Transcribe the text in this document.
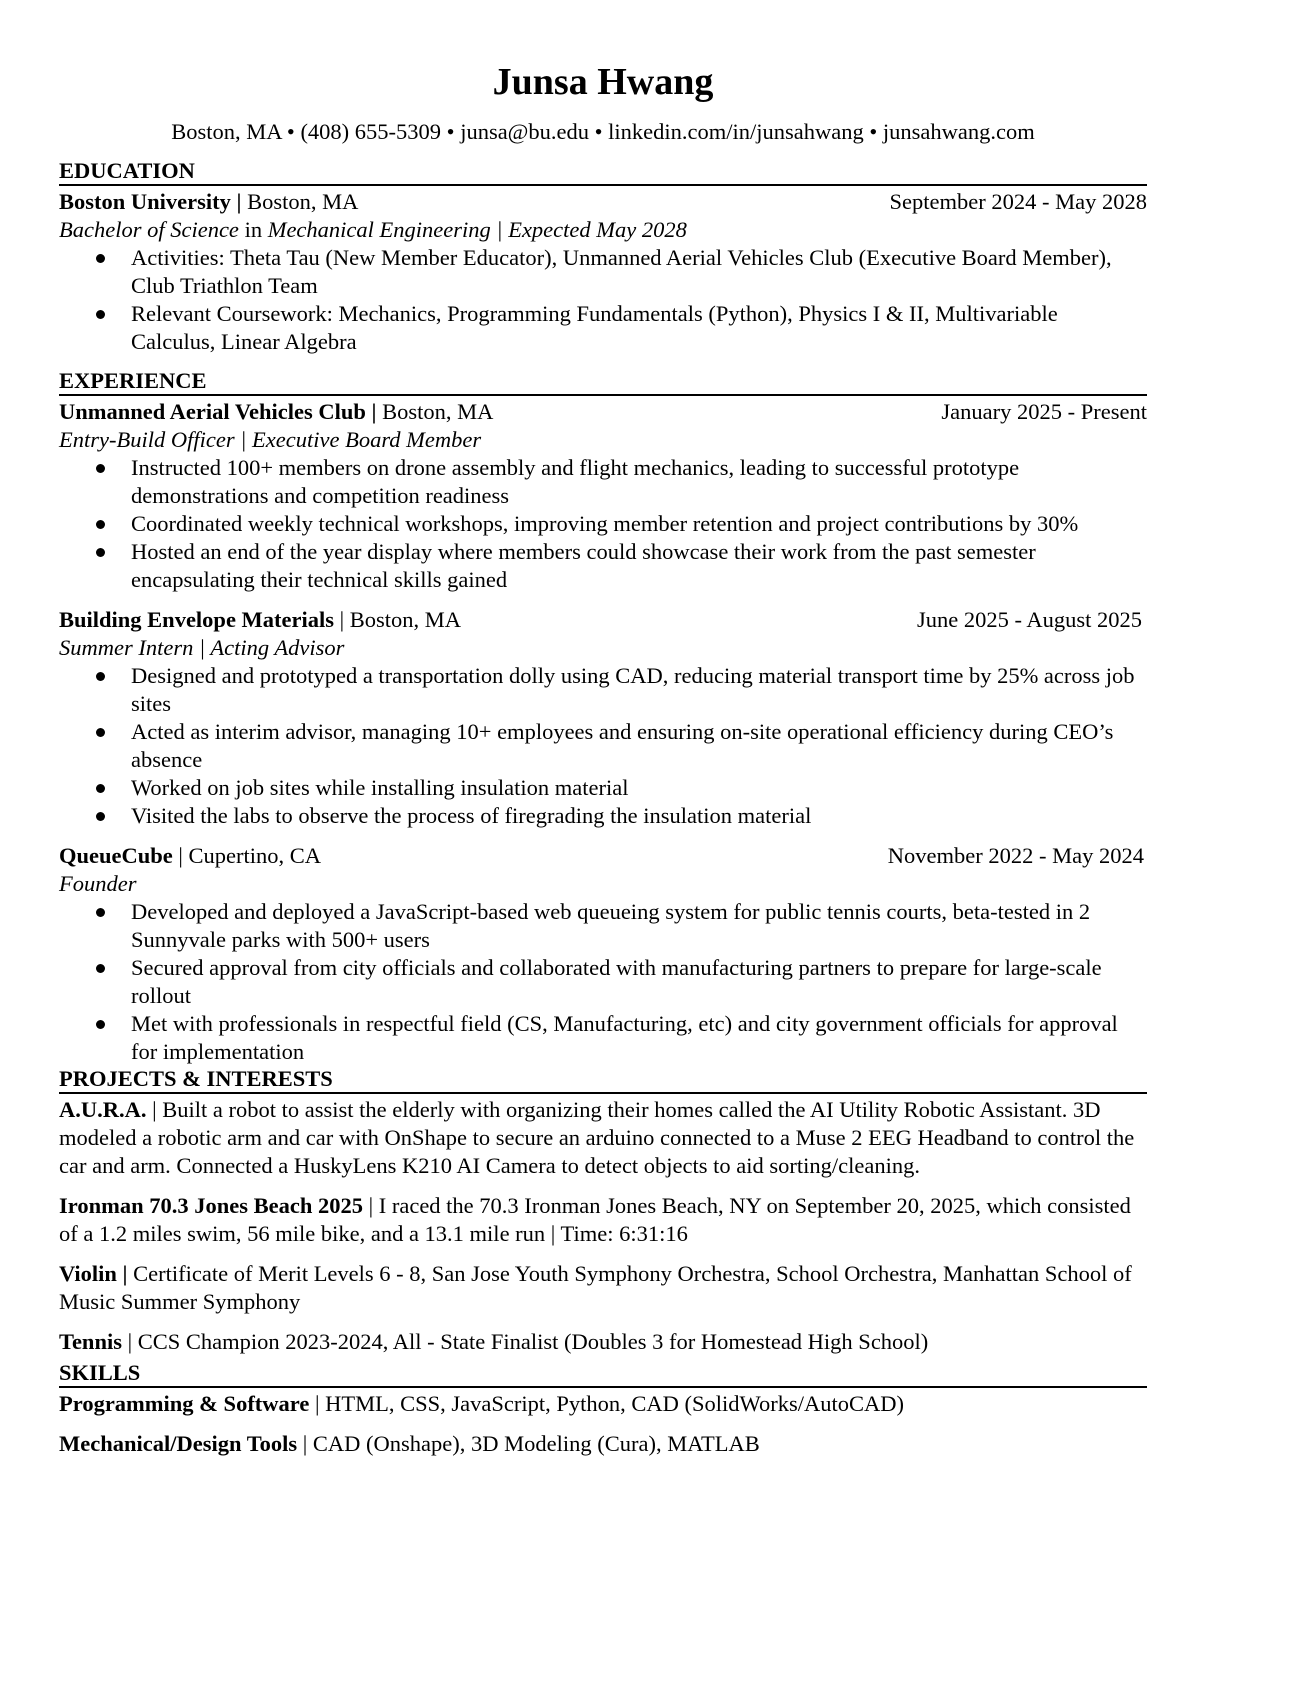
Junsa Hwang
Boston, MA • (408) 655-5309 • junsa@bu.edu • linkedin.com/in/junsahwang • junsahwang.com
EDUCATION
Boston University | Boston, MA	September 2024 - May 2028
Bachelor of Science in Mechanical Engineering | Expected May 2028
Activities: Theta Tau (New Member Educator), Unmanned Aerial Vehicles Club (Executive Board Member), Club Triathlon Team
Relevant Coursework: Mechanics, Programming Fundamentals (Python), Physics I & II, Multivariable Calculus, Linear Algebra
EXPERIENCE
Unmanned Aerial Vehicles Club | Boston, MA	January 2025 - Present
Entry-Build Officer | Executive Board Member
Instructed 100+ members on drone assembly and flight mechanics, leading to successful prototype demonstrations and competition readiness
Coordinated weekly technical workshops, improving member retention and project contributions by 30%
Hosted an end of the year display where members could showcase their work from the past semester encapsulating their technical skills gained
Building Envelope Materials | Boston, MA	June 2025 - August 2025
Summer Intern | Acting Advisor
Designed and prototyped a transportation dolly using CAD, reducing material transport time by 25% across job sites
Acted as interim advisor, managing 10+ employees and ensuring on-site operational efficiency during CEO’s absence
Worked on job sites while installing insulation material
Visited the labs to observe the process of firegrading the insulation material
QueueCube | Cupertino, CA	November 2022 - May 2024
Founder
Developed and deployed a JavaScript-based web queueing system for public tennis courts, beta-tested in 2 Sunnyvale parks with 500+ users
Secured approval from city officials and collaborated with manufacturing partners to prepare for large-scale rollout
Met with professionals in respectful field (CS, Manufacturing, etc) and city government officials for approval for implementation
PROJECTS & INTERESTS
A.U.R.A. | Built a robot to assist the elderly with organizing their homes called the AI Utility Robotic Assistant. 3D modeled a robotic arm and car with OnShape to secure an arduino connected to a Muse 2 EEG Headband to control the car and arm. Connected a HuskyLens K210 AI Camera to detect objects to aid sorting/cleaning.
Ironman 70.3 Jones Beach 2025 | I raced the 70.3 Ironman Jones Beach, NY on September 20, 2025, which consisted of a 1.2 miles swim, 56 mile bike, and a 13.1 mile run | Time: 6:31:16
Violin | Certificate of Merit Levels 6 - 8, San Jose Youth Symphony Orchestra, School Orchestra, Manhattan School of Music Summer Symphony
Tennis | CCS Champion 2023-2024, All - State Finalist (Doubles 3 for Homestead High School)
SKILLS
Programming & Software | HTML, CSS, JavaScript, Python, CAD (SolidWorks/AutoCAD)
Mechanical/Design Tools | CAD (Onshape), 3D Modeling (Cura), MATLAB
